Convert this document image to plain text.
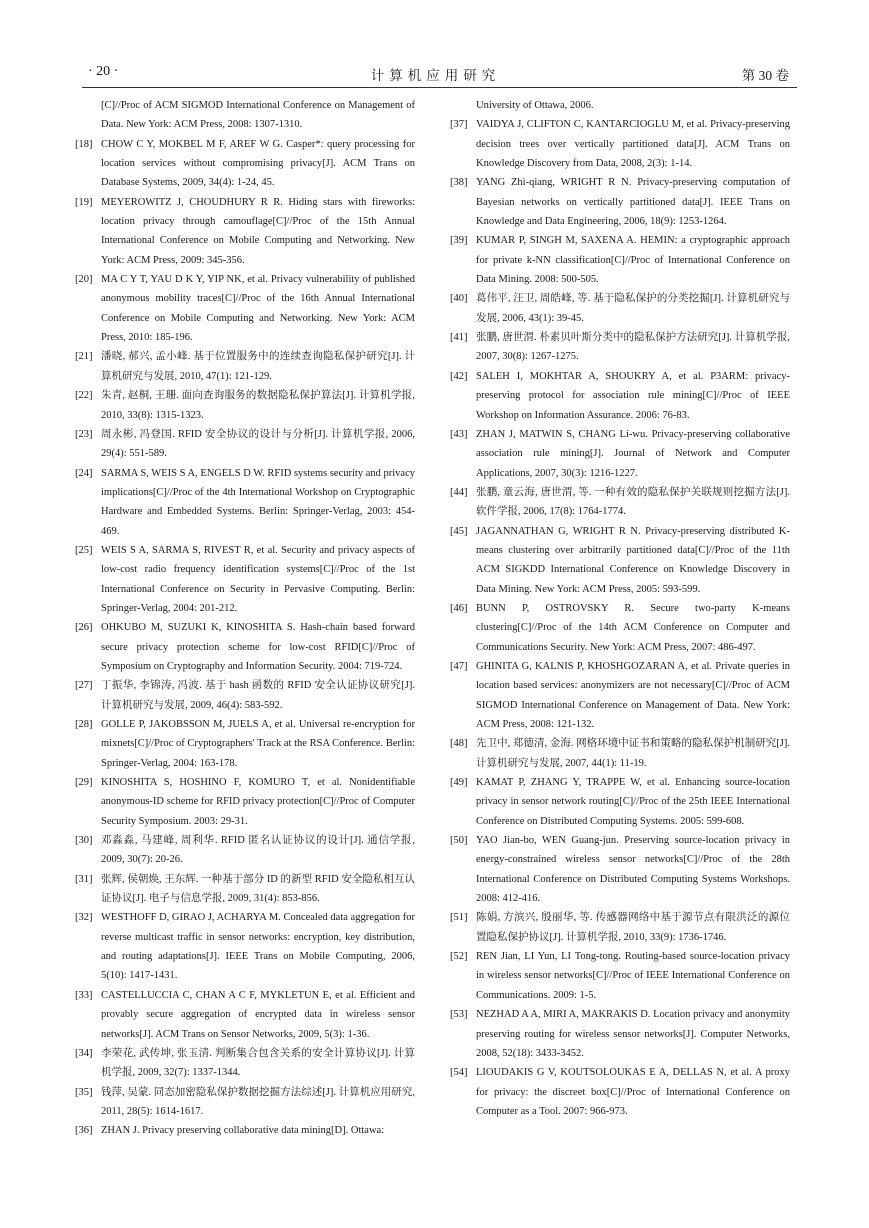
· 20 ·	计算机应用研究	第 30 卷
[C]//Proc of ACM SIGMOD International Conference on Management of Data. New York: ACM Press, 2008: 1307-1310.
[18] CHOW C Y, MOKBEL M F, AREF W G. Casper*: query processing for location services without compromising privacy[J]. ACM Trans on Database Systems, 2009, 34(4): 1-24, 45.
[19] MEYEROWITZ J, CHOUDHURY R R. Hiding stars with fireworks: location privacy through camouflage[C]//Proc of the 15th Annual International Conference on Mobile Computing and Networking. New York: ACM Press, 2009: 345-356.
[20] MA C Y T, YAU D K Y, YIP NK, et al. Privacy vulnerability of published anonymous mobility traces[C]//Proc of the 16th Annual International Conference on Mobile Computing and Networking. New York: ACM Press, 2010: 185-196.
[21] 潘晓, 郝兴, 孟小峰. 基于位置服务中的连续查询隐私保护研究[J]. 计算机研究与发展, 2010, 47(1): 121-129.
[22] 朱青, 赵桐, 王珊. 面向查询服务的数据隐私保护算法[J]. 计算机学报, 2010, 33(8): 1315-1323.
[23] 周永彬, 冯登国. RFID 安全协议的设计与分析[J]. 计算机学报, 2006, 29(4): 551-589.
[24] SARMA S, WEIS S A, ENGELS D W. RFID systems security and privacy implications[C]//Proc of the 4th International Workshop on Cryptographic Hardware and Embedded Systems. Berlin: Springer-Verlag, 2003: 454-469.
[25] WEIS S A, SARMA S, RIVEST R, et al. Security and privacy aspects of low-cost radio frequency identification systems[C]//Proc of the 1st International Conference on Security in Pervasive Computing. Berlin: Springer-Verlag, 2004: 201-212.
[26] OHKUBO M, SUZUKI K, KINOSHITA S. Hash-chain based forward secure privacy protection scheme for low-cost RFID[C]//Proc of Symposium on Cryptography and Information Security. 2004: 719-724.
[27] 丁振华, 李锦涛, 冯波. 基于 hash 函数的 RFID 安全认证协议研究[J]. 计算机研究与发展, 2009, 46(4): 583-592.
[28] GOLLE P, JAKOBSSON M, JUELS A, et al. Universal re-encryption for mixnets[C]//Proc of Cryptographers' Track at the RSA Conference. Berlin: Springer-Verlag, 2004: 163-178.
[29] KINOSHITA S, HOSHINO F, KOMURO T, et al. Nonidentifiable anonymous-ID scheme for RFID privacy protection[C]//Proc of Computer Security Symposium. 2003: 29-31.
[30] 邓淼淼, 马建峰, 周利华. RFID 匿名认证协议的设计[J]. 通信学报, 2009, 30(7): 20-26.
[31] 张辉, 侯朝焕, 王东辉. 一种基于部分 ID 的新型 RFID 安全隐私相互认证协议[J]. 电子与信息学报, 2009, 31(4): 853-856.
[32] WESTHOFF D, GIRAO J, ACHARYA M. Concealed data aggregation for reverse multicast traffic in sensor networks: encryption, key distribution, and routing adaptations[J]. IEEE Trans on Mobile Computing, 2006, 5(10): 1417-1431.
[33] CASTELLUCCIA C, CHAN A C F, MYKLETUN E, et al. Efficient and provably secure aggregation of encrypted data in wireless sensor networks[J]. ACM Trans on Sensor Networks, 2009, 5(3): 1-36.
[34] 李荣花, 武传坤, 张玉清. 判断集合包含关系的安全计算协议[J]. 计算机学报, 2009, 32(7): 1337-1344.
[35] 钱萍, 吴蒙. 同态加密隐私保护数据挖掘方法综述[J]. 计算机应用研究, 2011, 28(5): 1614-1617.
[36] ZHAN J. Privacy preserving collaborative data mining[D]. Ottawa:
University of Ottawa, 2006.
[37] VAIDYA J, CLIFTON C, KANTARCIOGLU M, et al. Privacy-preserving decision trees over vertically partitioned data[J]. ACM Trans on Knowledge Discovery from Data, 2008, 2(3): 1-14.
[38] YANG Zhi-qiang, WRIGHT R N. Privacy-preserving computation of Bayesian networks on vertically partitioned data[J]. IEEE Trans on Knowledge and Data Engineering, 2006, 18(9): 1253-1264.
[39] KUMAR P, SINGH M, SAXENA A. HEMIN: a cryptographic approach for private k-NN classification[C]//Proc of International Conference on Data Mining. 2008: 500-505.
[40] 葛伟平, 汪卫, 周皓峰, 等. 基于隐私保护的分类挖掘[J]. 计算机研究与发展, 2006, 43(1): 39-45.
[41] 张鹏, 唐世渭. 朴素贝叶斯分类中的隐私保护方法研究[J]. 计算机学报, 2007, 30(8): 1267-1275.
[42] SALEH I, MOKHTAR A, SHOUKRY A, et al. P3ARM: privacy-preserving protocol for association rule mining[C]//Proc of IEEE Workshop on Information Assurance. 2006: 76-83.
[43] ZHAN J, MATWIN S, CHANG Li-wu. Privacy-preserving collaborative association rule mining[J]. Journal of Network and Computer Applications, 2007, 30(3): 1216-1227.
[44] 张鹏, 童云海, 唐世渭, 等. 一种有效的隐私保护关联规则挖掘方法[J]. 软件学报, 2006, 17(8): 1764-1774.
[45] JAGANNATHAN G, WRIGHT R N. Privacy-preserving distributed K-means clustering over arbitrarily partitioned data[C]//Proc of the 11th ACM SIGKDD International Conference on Knowledge Discovery in Data Mining. New York: ACM Press, 2005: 593-599.
[46] BUNN P, OSTROVSKY R. Secure two-party K-means clustering[C]//Proc of the 14th ACM Conference on Computer and Communications Security. New York: ACM Press, 2007: 486-497.
[47] GHINITA G, KALNIS P, KHOSHGOZARAN A, et al. Private queries in location based services: anonymizers are not necessary[C]//Proc of ACM SIGMOD International Conference on Management of Data. New York: ACM Press, 2008: 121-132.
[48] 先卫中, 郑德清, 金海. 网格环境中证书和策略的隐私保护机制研究[J]. 计算机研究与发展, 2007, 44(1): 11-19.
[49] KAMAT P, ZHANG Y, TRAPPE W, et al. Enhancing source-location privacy in sensor network routing[C]//Proc of the 25th IEEE International Conference on Distributed Computing Systems. 2005: 599-608.
[50] YAO Jian-bo, WEN Guang-jun. Preserving source-location privacy in energy-constrained wireless sensor networks[C]//Proc of the 28th International Conference on Distributed Computing Systems Workshops. 2008: 412-416.
[51] 陈娟, 方滨兴, 殷丽华, 等. 传感器网络中基于源节点有限洪泛的源位置隐私保护协议[J]. 计算机学报, 2010, 33(9): 1736-1746.
[52] REN Jian, LI Yun, LI Tong-tong. Routing-based source-location privacy in wireless sensor networks[C]//Proc of IEEE International Conference on Communications. 2009: 1-5.
[53] NEZHAD A A, MIRI A, MAKRAKIS D. Location privacy and anonymity preserving routing for wireless sensor networks[J]. Computer Networks, 2008, 52(18): 3433-3452.
[54] LIOUDAKIS G V, KOUTSOLOUKAS E A, DELLAS N, et al. A proxy for privacy: the discreet box[C]//Proc of International Conference on Computer as a Tool. 2007: 966-973.
